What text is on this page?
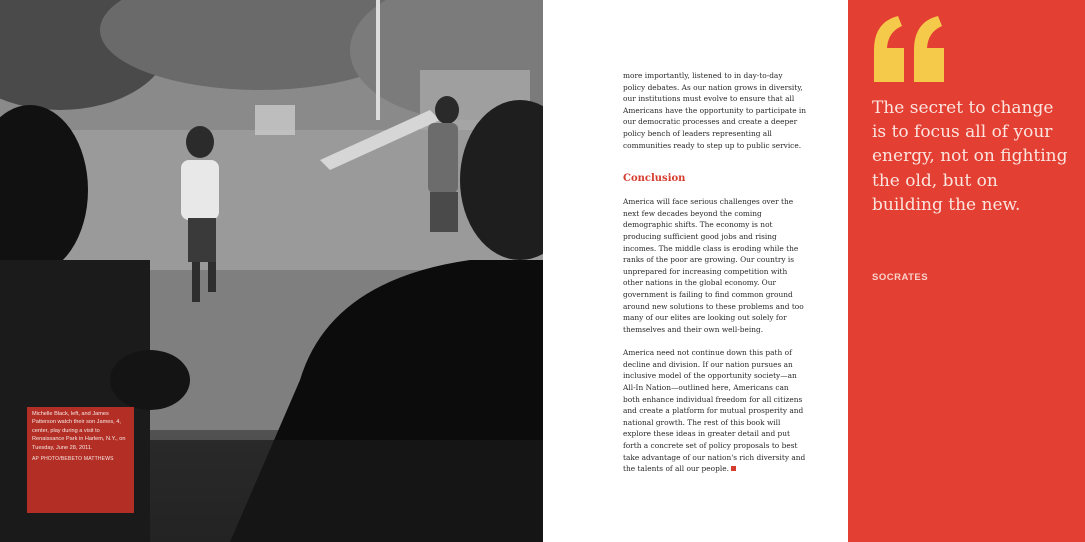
Michelle Black, left, and James Patterson watch their son James, 4, center, play during a visit to Renaissance Park in Harlem, N.Y., on Tuesday, June 28, 2011.

AP PHOTO/BEBETO MATTHEWS

more importantly, listened to in day-to-day policy debates. As our nation grows in diversity, our institutions must evolve to ensure that all Americans have the opportunity to participate in our democratic processes and create a deeper policy bench of leaders representing all communities ready to step up to public service.

Conclusion

America will face serious challenges over the next few decades beyond the coming demographic shifts. The economy is not producing sufficient good jobs and rising incomes. The middle class is eroding while the ranks of the poor are growing. Our country is unprepared for increasing competition with other nations in the global economy. Our government is failing to find common ground around new solutions to these problems and too many of our elites are looking out solely for themselves and their own well-being.

America need not continue down this path of decline and division. If our nation pursues an inclusive model of the opportunity society—an All-In Nation—outlined here, Americans can both enhance individual freedom for all citizens and create a platform for mutual prosperity and national growth. The rest of this book will explore these ideas in greater detail and put forth a concrete set of policy proposals to best take advantage of our nation's rich diversity and the talents of all our people.

The secret to change is to focus all of your energy, not on fighting the old, but on building the new.

SOCRATES
